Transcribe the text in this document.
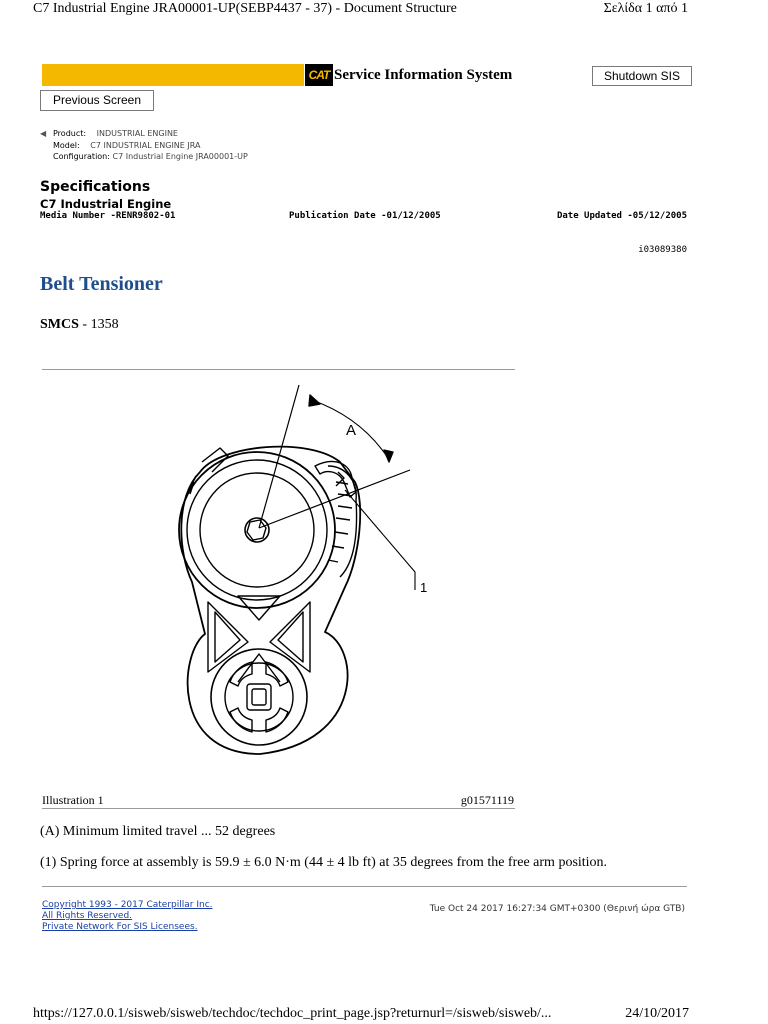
C7 Industrial Engine JRA00001-UP(SEBP4437 - 37) - Document Structure	Σελίδα 1 από 1
CAT Service Information System	Shutdown SIS
Previous Screen
◀ Product: INDUSTRIAL ENGINE
Model: C7 INDUSTRIAL ENGINE JRA
Configuration: C7 Industrial Engine JRA00001-UP
Specifications
C7 Industrial Engine
Media Number -RENR9802-01	Publication Date -01/12/2005	Date Updated -05/12/2005
i03089380
Belt Tensioner
SMCS - 1358
A
1
Illustration 1	g01571119
(A) Minimum limited travel ... 52 degrees
(1) Spring force at assembly is 59.9 ± 6.0 N·m (44 ± 4 lb ft) at 35 degrees from the free arm position.
Copyright 1993 - 2017 Caterpillar Inc.
All Rights Reserved.
Private Network For SIS Licensees.
Tue Oct 24 2017 16:27:34 GMT+0300 (Θερινή ώρα GTB)
https://127.0.0.1/sisweb/sisweb/techdoc/techdoc_print_page.jsp?returnurl=/sisweb/sisweb/...	24/10/2017
